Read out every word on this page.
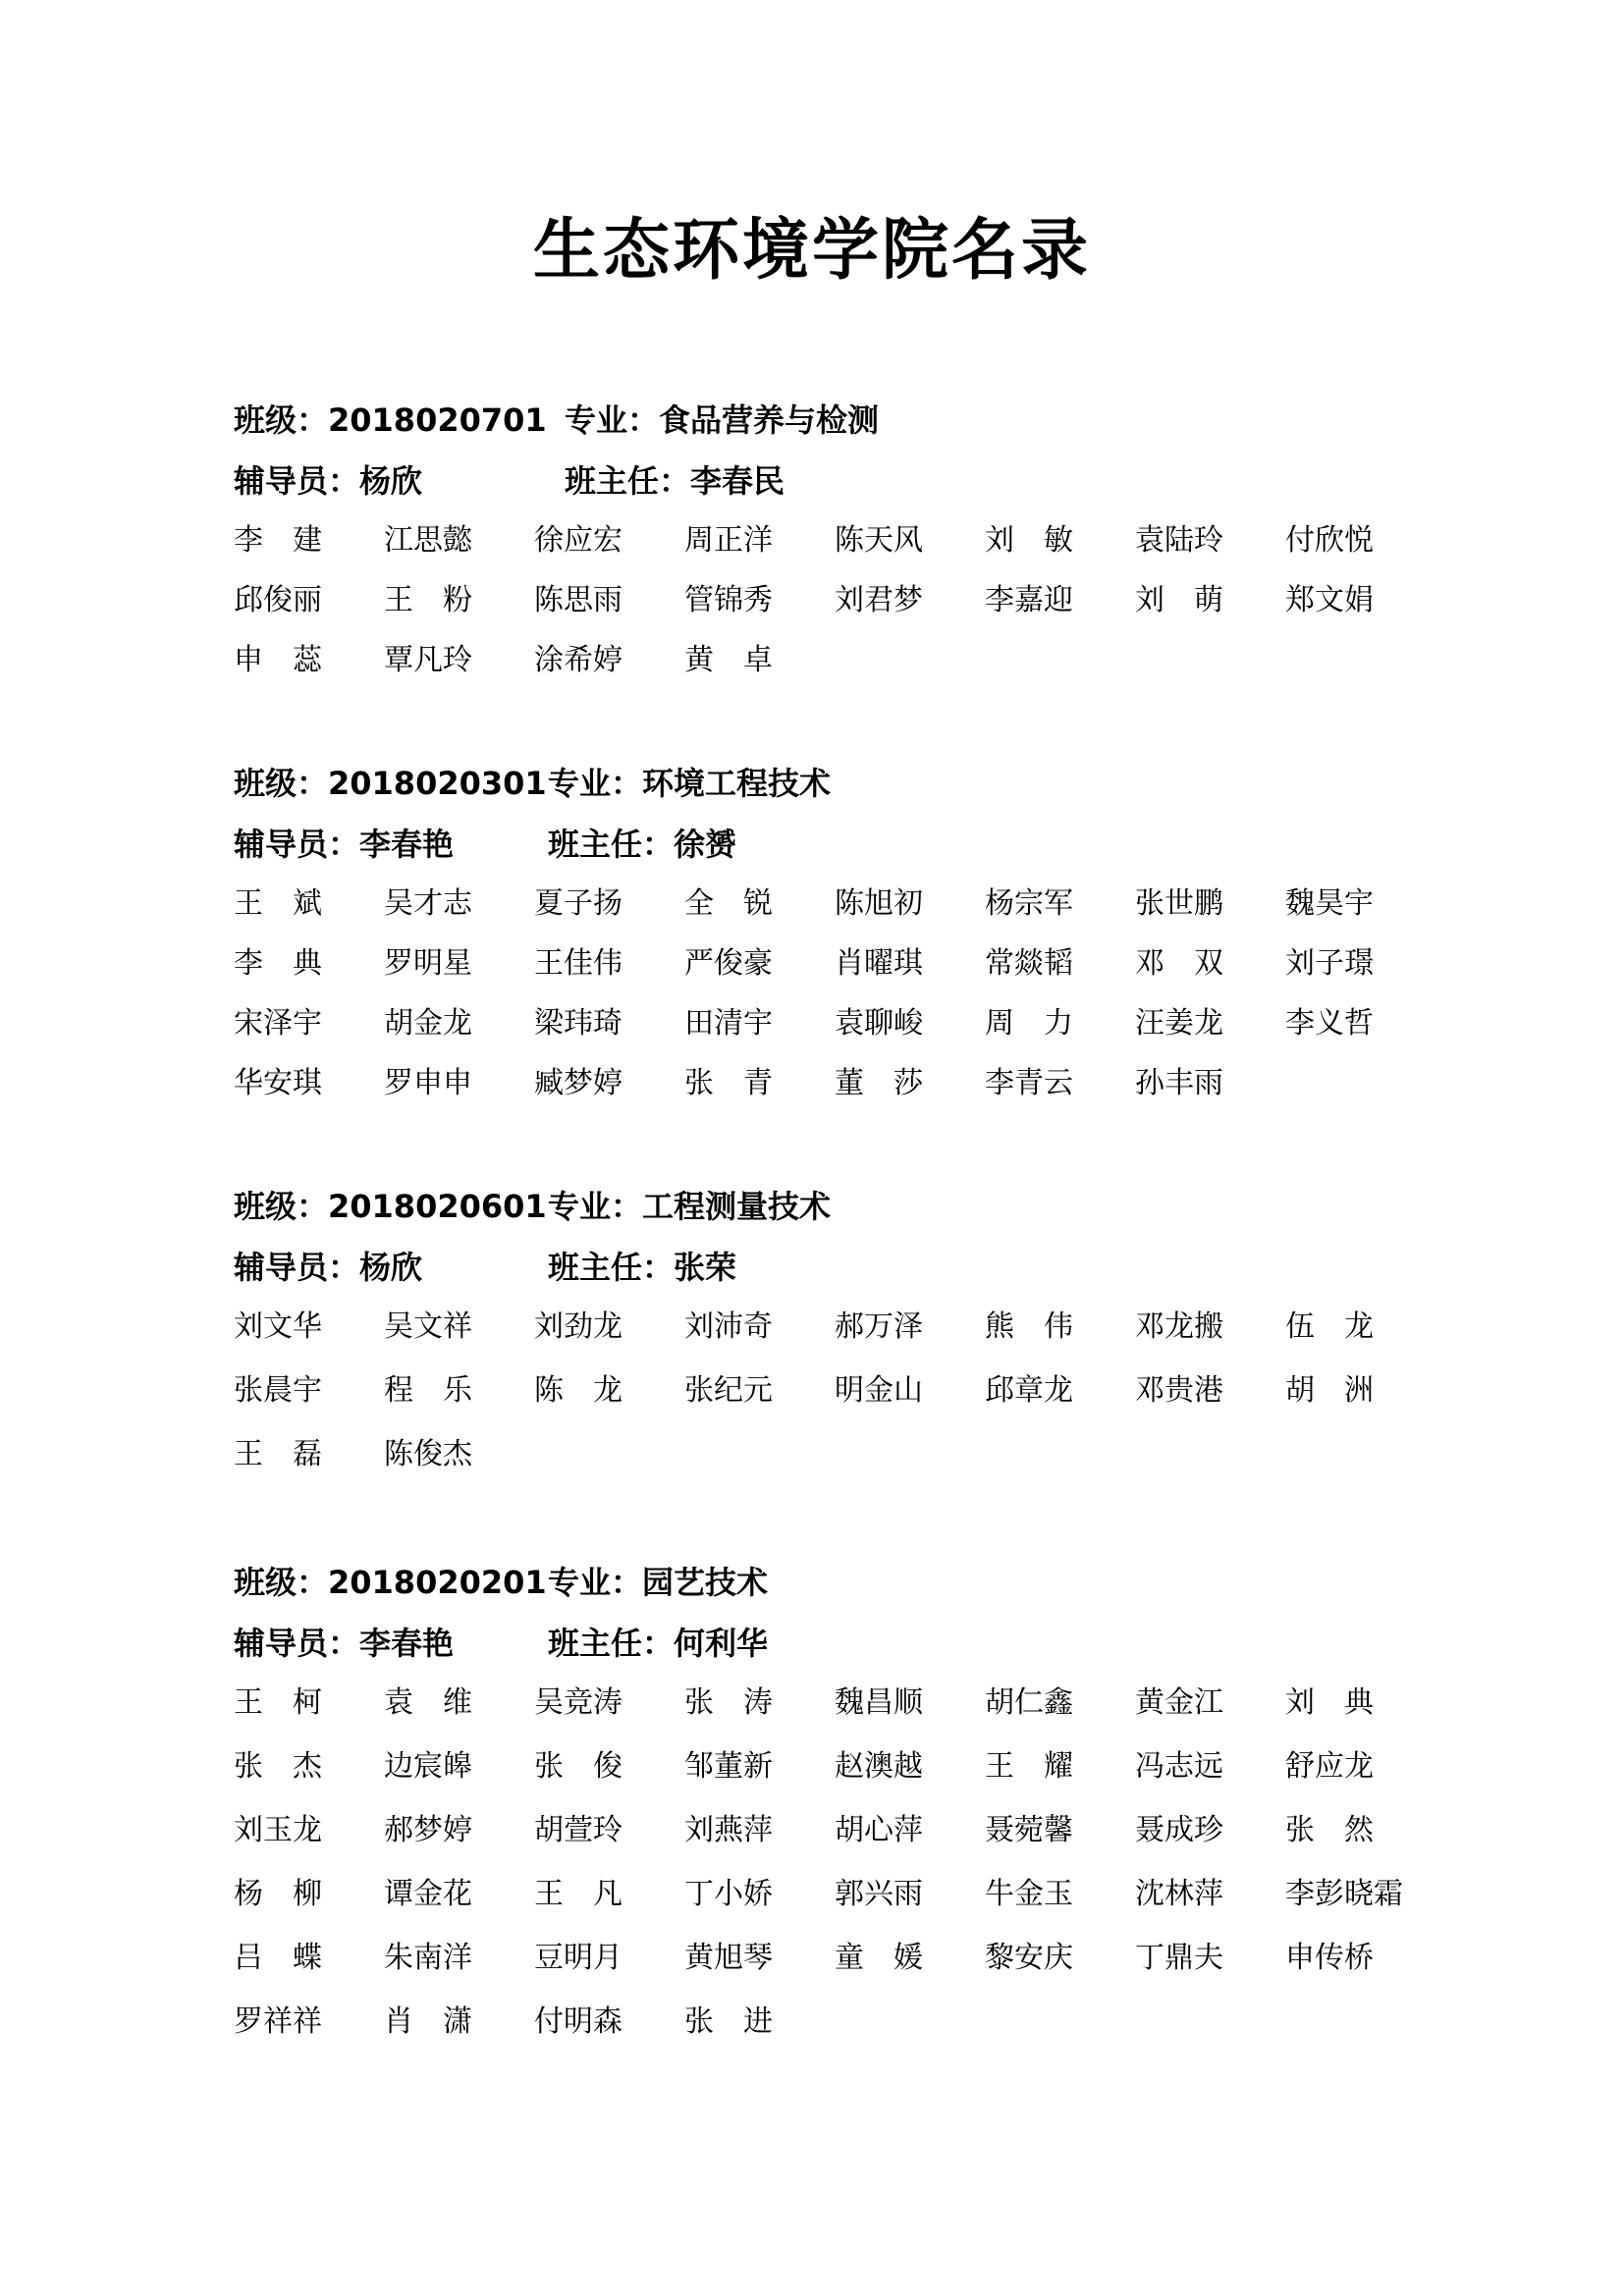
生态环境学院名录
班级：2018020701 专业：食品营养与检测
辅导员：杨欣	班主任：李春民
李　建 江思懿 徐应宏 周正洋 陈天风 刘　敏 袁陆玲 付欣悦
邱俊丽 王　粉 陈思雨 管锦秀 刘君梦 李嘉迎 刘　萌 郑文娟
申　蕊 覃凡玲 涂希婷 黄　卓
班级：2018020301 专业：环境工程技术
辅导员：李春艳	班主任：徐赟
王　斌 吴才志 夏子扬 全　锐 陈旭初 杨宗军 张世鹏 魏昊宇
李　典 罗明星 王佳伟 严俊豪 肖曜琪 常燚韬 邓　双 刘子璟
宋泽宇 胡金龙 梁玮琦 田清宇 袁聊峻 周　力 汪姜龙 李义哲
华安琪 罗申申 臧梦婷 张　青 董　莎 李青云 孙丰雨
班级：2018020601 专业：工程测量技术
辅导员：杨欣	班主任：张荣
刘文华 吴文祥 刘劲龙 刘沛奇 郝万泽 熊　伟 邓龙搬 伍　龙
张晨宇 程　乐 陈　龙 张纪元 明金山 邱章龙 邓贵港 胡　洲
王　磊 陈俊杰
班级：2018020201 专业：园艺技术
辅导员：李春艳	班主任：何利华
王　柯 袁　维 吴竞涛 张　涛 魏昌顺 胡仁鑫 黄金江 刘　典
张　杰 边宸皞 张　俊 邹董新 赵澳越 王　耀 冯志远 舒应龙
刘玉龙 郝梦婷 胡萱玲 刘燕萍 胡心萍 聂菀馨 聂成珍 张　然
杨　柳 谭金花 王　凡 丁小娇 郭兴雨 牛金玉 沈林萍 李彭晓霜
吕　蝶 朱南洋 豆明月 黄旭琴 童　媛 黎安庆 丁鼎夫 申传桥
罗祥祥 肖　潇 付明森 张　进
